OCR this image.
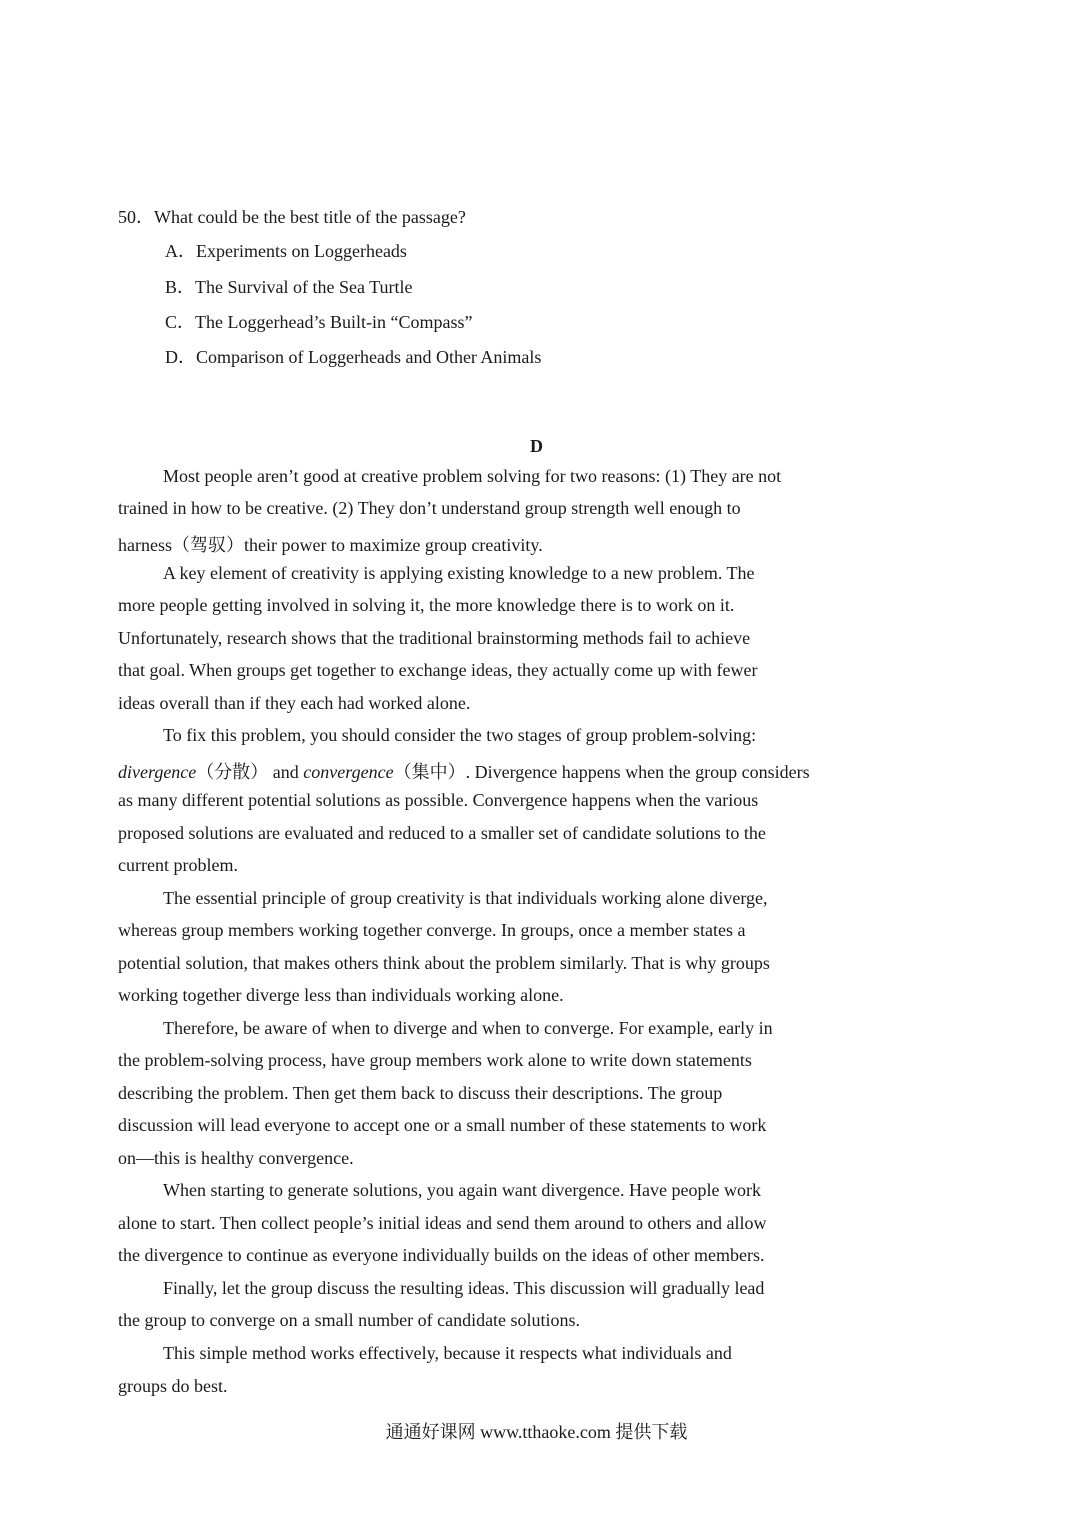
50．What could be the best title of the passage?
A．Experiments on Loggerheads
B．The Survival of the Sea Turtle
C．The Loggerhead’s Built-in “Compass”
D．Comparison of Loggerheads and Other Animals
D
Most people aren’t good at creative problem solving for two reasons: (1) They are not
trained in how to be creative. (2) They don’t understand group strength well enough to
harness（驾驭）their power to maximize group creativity.
A key element of creativity is applying existing knowledge to a new problem. The
more people getting involved in solving it, the more knowledge there is to work on it.
Unfortunately, research shows that the traditional brainstorming methods fail to achieve
that goal. When groups get together to exchange ideas, they actually come up with fewer
ideas overall than if they each had worked alone.
To fix this problem, you should consider the two stages of group problem-solving:
divergence（分散） and convergence（集中）. Divergence happens when the group considers
as many different potential solutions as possible. Convergence happens when the various
proposed solutions are evaluated and reduced to a smaller set of candidate solutions to the
current problem.
The essential principle of group creativity is that individuals working alone diverge,
whereas group members working together converge. In groups, once a member states a
potential solution, that makes others think about the problem similarly. That is why groups
working together diverge less than individuals working alone.
Therefore, be aware of when to diverge and when to converge. For example, early in
the problem-solving process, have group members work alone to write down statements
describing the problem. Then get them back to discuss their descriptions. The group
discussion will lead everyone to accept one or a small number of these statements to work
on—this is healthy convergence.
When starting to generate solutions, you again want divergence. Have people work
alone to start. Then collect people’s initial ideas and send them around to others and allow
the divergence to continue as everyone individually builds on the ideas of other members.
Finally, let the group discuss the resulting ideas. This discussion will gradually lead
the group to converge on a small number of candidate solutions.
This simple method works effectively, because it respects what individuals and
groups do best.
通通好课网 www.tthaoke.com 提供下载
